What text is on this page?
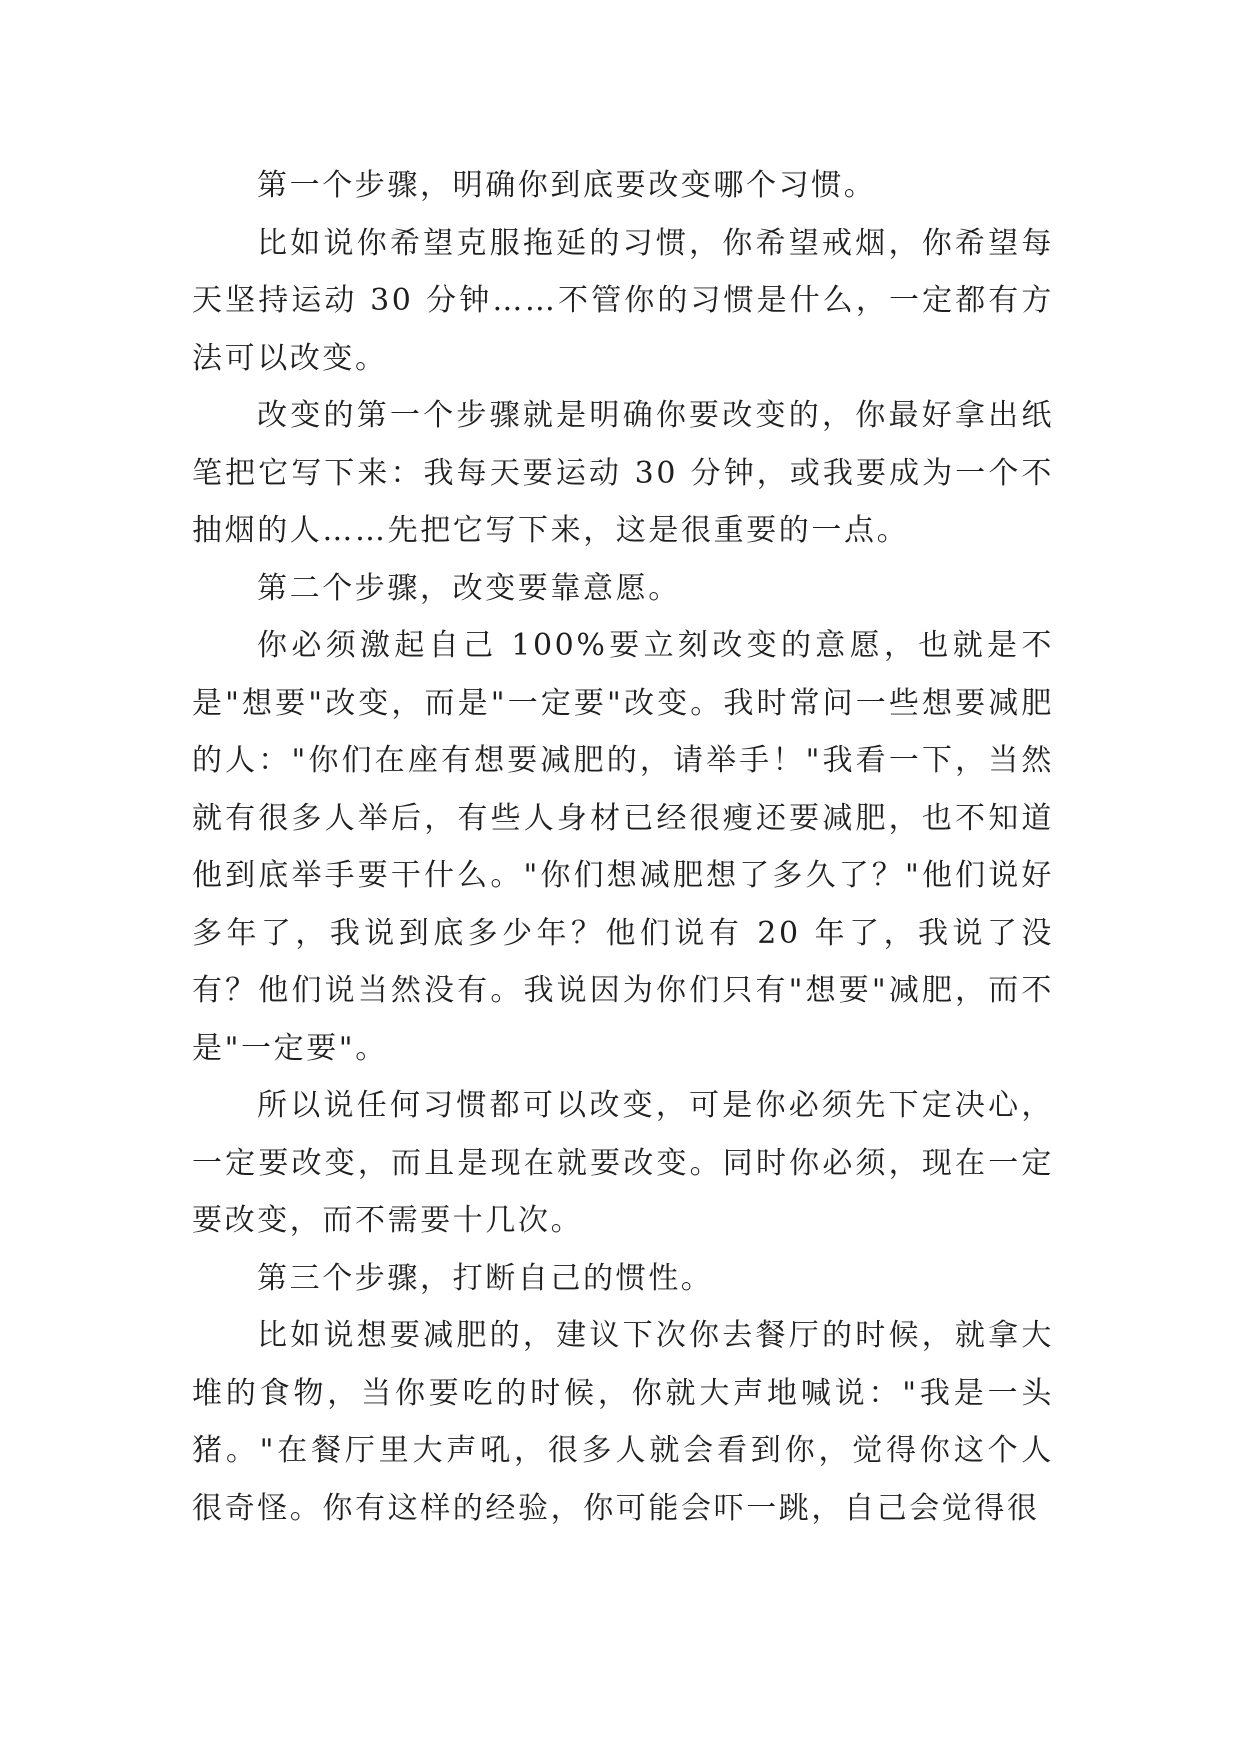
第一个步骤，明确你到底要改变哪个习惯。

比如说你希望克服拖延的习惯，你希望戒烟，你希望每天坚持运动 30 分钟……不管你的习惯是什么，一定都有方法可以改变。

改变的第一个步骤就是明确你要改变的，你最好拿出纸笔把它写下来：我每天要运动 30 分钟，或我要成为一个不抽烟的人……先把它写下来，这是很重要的一点。

第二个步骤，改变要靠意愿。

你必须激起自己 100%要立刻改变的意愿，也就是不是"想要"改变，而是"一定要"改变。我时常问一些想要减肥的人："你们在座有想要减肥的，请举手！"我看一下，当然就有很多人举后，有些人身材已经很瘦还要减肥，也不知道他到底举手要干什么。"你们想减肥想了多久了？"他们说好多年了，我说到底多少年？他们说有 20 年了，我说了没有？他们说当然没有。我说因为你们只有"想要"减肥，而不是"一定要"。

所以说任何习惯都可以改变，可是你必须先下定决心，一定要改变，而且是现在就要改变。同时你必须，现在一定要改变，而不需要十几次。

第三个步骤，打断自己的惯性。

比如说想要减肥的，建议下次你去餐厅的时候，就拿大堆的食物，当你要吃的时候，你就大声地喊说："我是一头猪。"在餐厅里大声吼，很多人就会看到你，觉得你这个人很奇怪。你有这样的经验，你可能会吓一跳，自己会觉得很
